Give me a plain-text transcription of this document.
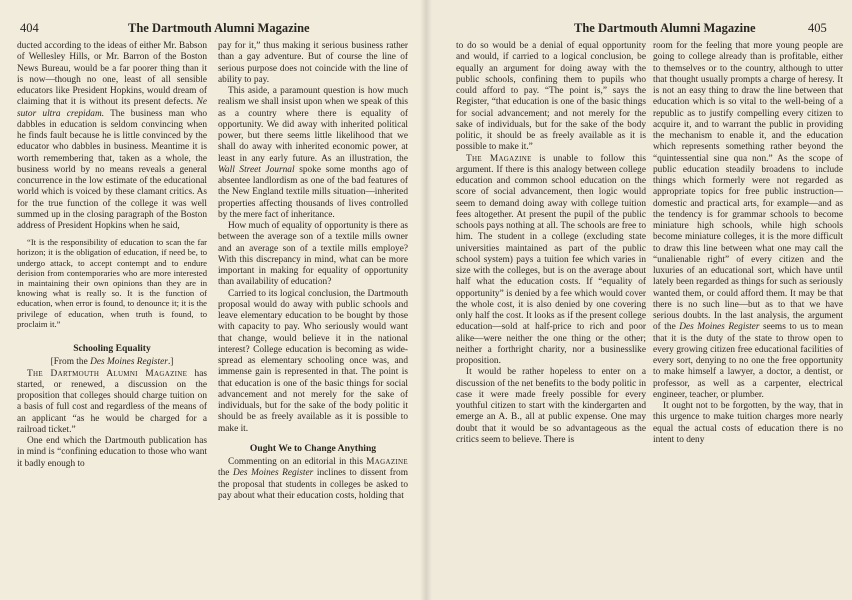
404	The Dartmouth Alumni Magazine

ducted according to the ideas of either Mr. Babson of Wellesley Hills, or Mr. Barron of the Boston News Bureau, would be a far poorer thing than it is now—though no one, least of all sensible educators like President Hopkins, would dream of claiming that it is without its present defects. Ne sutor ultra crepidam. The business man who dabbles in education is seldom convincing when he finds fault because he is little convinced by the educator who dabbles in business. Meantime it is worth remembering that, taken as a whole, the business world by no means reveals a general concurrence in the low estimate of the educational world which is voiced by these clamant critics. As for the true function of the college it was well summed up in the closing paragraph of the Boston address of President Hopkins when he said,

“It is the responsibility of education to scan the far horizon; it is the obligation of education, if need be, to undergo attack, to accept contempt and to endure derision from contemporaries who are more interested in maintaining their own opinions than they are in knowing what is really so. It is the function of education, when error is found, to denounce it; it is the privilege of education, when truth is found, to proclaim it.”

Schooling Equality

[From the Des Moines Register.]

The Dartmouth Alumni Magazine has started, or renewed, a discussion on the proposition that colleges should charge tuition on a basis of full cost and regardless of the means of an applicant “as he would be charged for a railroad ticket.”

One end which the Dartmouth publication has in mind is “confining education to those who want it badly enough to

pay for it,” thus making it serious business rather than a gay adventure. But of course the line of serious purpose does not coincide with the line of ability to pay.

This aside, a paramount question is how much realism we shall insist upon when we speak of this as a country where there is equality of opportunity. We did away with inherited political power, but there seems little likelihood that we shall do away with inherited economic power, at least in any early future. As an illustration, the Wall Street Journal spoke some months ago of absentee landlordism as one of the bad features of the New England textile mills situation—inherited properties affecting thousands of lives controlled by the mere fact of inheritance.

How much of equality of opportunity is there as between the average son of a textile mills owner and an average son of a textile mills employe? With this discrepancy in mind, what can be more important in making for equality of opportunity than availability of education?

Carried to its logical conclusion, the Dartmouth proposal would do away with public schools and leave elementary education to be bought by those with capacity to pay. Who seriously would want that change, would believe it in the national interest? College education is becoming as wide-spread as elementary schooling once was, and immense gain is represented in that. The point is that education is one of the basic things for social advancement and not merely for the sake of individuals, but for the sake of the body politic it should be as freely available as it is possible to make it.

Ought We to Change Anything

Commenting on an editorial in this Magazine the Des Moines Register inclines to dissent from the proposal that students in colleges be asked to pay about what their education costs, holding that

The Dartmouth Alumni Magazine	405

to do so would be a denial of equal opportunity and would, if carried to a logical conclusion, be equally an argument for doing away with the public schools, confining them to pupils who could afford to pay. “The point is,” says the Register, “that education is one of the basic things for social advancement; and not merely for the sake of individuals, but for the sake of the body politic, it should be as freely available as it is possible to make it.”

The Magazine is unable to follow this argument. If there is this analogy between college education and common school education on the score of social advancement, then logic would seem to demand doing away with college tuition fees altogether. At present the pupil of the public schools pays nothing at all. The schools are free to him. The student in a college (excluding state universities maintained as part of the public school system) pays a tuition fee which varies in size with the colleges, but is on the average about half what the education costs. If “equality of opportunity” is denied by a fee which would cover the whole cost, it is also denied by one covering only half the cost. It looks as if the present college education—sold at half-price to rich and poor alike—were neither the one thing or the other; neither a forthright charity, nor a businesslike proposition.

It would be rather hopeless to enter on a discussion of the net benefits to the body politic in case it were made freely possible for every youthful citizen to start with the kindergarten and emerge an A. B., all at public expense. One may doubt that it would be so advantageous as the critics seem to believe. There is

room for the feeling that more young people are going to college already than is profitable, either to themselves or to the country, although to utter that thought usually prompts a charge of heresy. It is not an easy thing to draw the line between that education which is so vital to the well-being of a republic as to justify compelling every citizen to acquire it, and to warrant the public in providing the mechanism to enable it, and the education which represents something rather beyond the “quintessential sine qua non.” As the scope of public education steadily broadens to include things which formerly were not regarded as appropriate topics for free public instruction—domestic and practical arts, for example—and as the tendency is for grammar schools to become miniature high schools, while high schools become miniature colleges, it is the more difficult to draw this line between what one may call the “unalienable right” of every citizen and the luxuries of an educational sort, which have until lately been regarded as things for such as seriously wanted them, or could afford them. It may be that there is no such line—but as to that we have serious doubts. In the last analysis, the argument of the Des Moines Register seems to us to mean that it is the duty of the state to throw open to every growing citizen free educational facilities of every sort, denying to no one the free opportunity to make himself a lawyer, a doctor, a dentist, or professor, as well as a carpenter, electrical engineer, teacher, or plumber.

It ought not to be forgotten, by the way, that in this urgence to make tuition charges more nearly equal the actual costs of education there is no intent to deny
